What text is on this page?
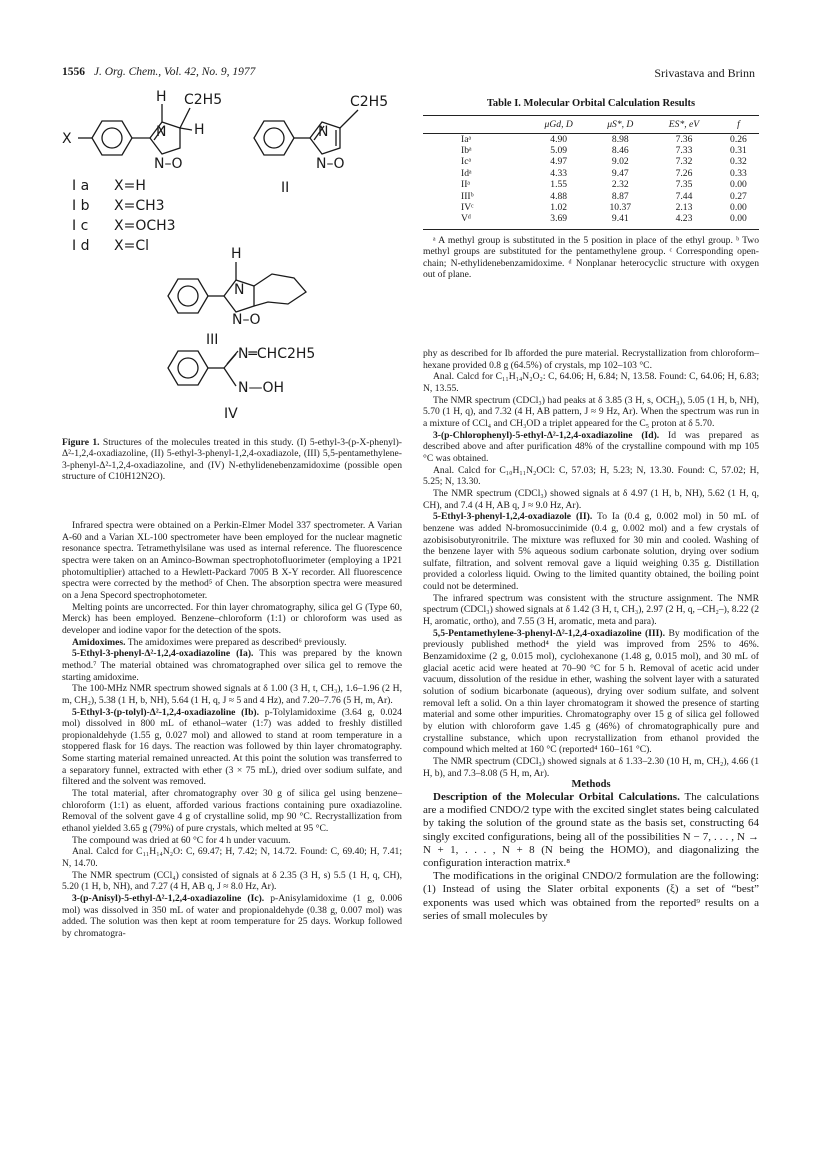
1556 J. Org. Chem., Vol. 42, No. 9, 1977	Srivastava and Brinn
H C2H5
N H
X
N–O
C2H5
N
N–O
II
I a X=H
I b X=CH3
I c X=OCH3
I d X=Cl	H
N
N–O
III
N═CHC2H5
N—OH
IV
Figure 1. Structures of the molecules treated in this study. (I) 5-ethyl-3-(p-X-phenyl)-Δ²-1,2,4-oxadiazoline, (II) 5-ethyl-3-phenyl-1,2,4-oxadiazole, (III) 5,5-pentamethylene-3-phenyl-Δ²-1,2,4-oxadiazoline, and (IV) N-ethylidenebenzamidoxime (possible open structure of C10H12N2O).
Table I. Molecular Orbital Calculation Results
	μGd, D	μS*, D	ES*, eV	f
Iaᵃ	4.90	8.98	7.36	0.26
Ibᵃ	5.09	8.46	7.33	0.31
Icᵃ	4.97	9.02	7.32	0.32
Idᵃ	4.33	9.47	7.26	0.33
IIᵃ	1.55	2.32	7.35	0.00
IIIᵇ	4.88	8.87	7.44	0.27
IVᶜ	1.02	10.37	2.13	0.00
Vᵈ	3.69	9.41	4.23	0.00
ᵃ A methyl group is substituted in the 5 position in place of the ethyl group. ᵇ Two methyl groups are substituted for the pentamethylene group. ᶜ Corresponding open-chain; N-ethylidenebenzamidoxime. ᵈ Nonplanar heterocyclic structure with oxygen out of plane.

Infrared spectra were obtained on a Perkin-Elmer Model 337 spectrometer. A Varian A-60 and a Varian XL-100 spectrometer have been employed for the nuclear magnetic resonance spectra. Tetramethylsilane was used as internal reference. The fluorescence spectra were taken on an Aminco-Bowman spectrophotofluorimeter (employing a 1P21 photomultiplier) attached to a Hewlett-Packard 7005 B X-Y recorder. All fluorescence spectra were corrected by the method⁵ of Chen. The absorption spectra were measured on a Jena Specord spectrophotometer.

Melting points are uncorrected. For thin layer chromatography, silica gel G (Type 60, Merck) has been employed. Benzene–chloroform (1:1) or chloroform was used as developer and iodine vapor for the detection of the spots.

Amidoximes. The amidoximes were prepared as described⁶ previously.

5-Ethyl-3-phenyl-Δ²-1,2,4-oxadiazoline (Ia). This was prepared by the known method.⁷ The material obtained was chromatographed over silica gel to remove the starting amidoxime.

The 100-MHz NMR spectrum showed signals at δ 1.00 (3 H, t, CH₃), 1.6–1.96 (2 H, m, CH₂), 5.38 (1 H, b, NH), 5.64 (1 H, q, J ≈ 5 and 4 Hz), and 7.20–7.76 (5 H, m, Ar).

5-Ethyl-3-(p-tolyl)-Δ²-1,2,4-oxadiazoline (Ib). p-Tolylamidoxime (3.64 g, 0.024 mol) dissolved in 800 mL of ethanol–water (1:7) was added to freshly distilled propionaldehyde (1.55 g, 0.027 mol) and allowed to stand at room temperature in a stoppered flask for 16 days. The reaction was followed by thin layer chromatography. Some starting material remained unreacted. At this point the solution was transferred to a separatory funnel, extracted with ether (3 × 75 mL), dried over sodium sulfate, and filtered and the solvent was removed.

The total material, after chromatography over 30 g of silica gel using benzene–chloroform (1:1) as eluent, afforded various fractions containing pure oxadiazoline. Removal of the solvent gave 4 g of crystalline solid, mp 90 °C. Recrystallization from ethanol yielded 3.65 g (79%) of pure crystals, which melted at 95 °C.

The compound was dried at 60 °C for 4 h under vacuum.

Anal. Calcd for C₁₁H₁₄N₂O: C, 69.47; H, 7.42; N, 14.72. Found: C, 69.40; H, 7.41; N, 14.70.

The NMR spectrum (CCl₄) consisted of signals at δ 2.35 (3 H, s) 5.5 (1 H, q, CH), 5.20 (1 H, b, NH), and 7.27 (4 H, AB q, J ≈ 8.0 Hz, Ar).

3-(p-Anisyl)-5-ethyl-Δ²-1,2,4-oxadiazoline (Ic). p-Anisylamidoxime (1 g, 0.006 mol) was dissolved in 350 mL of water and propionaldehyde (0.38 g, 0.007 mol) was added. The solution was then kept at room temperature for 25 days. Workup followed by chromatogra-

phy as described for Ib afforded the pure material. Recrystallization from chloroform–hexane provided 0.8 g (64.5%) of crystals, mp 102–103 °C.

Anal. Calcd for C₁₁H₁₄N₂O₂: C, 64.06; H, 6.84; N, 13.58. Found: C, 64.06; H, 6.83; N, 13.55.

The NMR spectrum (CDCl₃) had peaks at δ 3.85 (3 H, s, OCH₃), 5.05 (1 H, b, NH), 5.70 (1 H, q), and 7.32 (4 H, AB pattern, J ≈ 9 Hz, Ar). When the spectrum was run in a mixture of CCl₄ and CH₃OD a triplet appeared for the C₅ proton at δ 5.70.

3-(p-Chlorophenyl)-5-ethyl-Δ²-1,2,4-oxadiazoline (Id). Id was prepared as described above and after purification 48% of the crystalline compound with mp 105 °C was obtained.

Anal. Calcd for C₁₀H₁₁N₂OCl: C, 57.03; H, 5.23; N, 13.30. Found: C, 57.02; H, 5.25; N, 13.30.

The NMR spectrum (CDCl₃) showed signals at δ 4.97 (1 H, b, NH), 5.62 (1 H, q, CH), and 7.4 (4 H, AB q, J ≈ 9.0 Hz, Ar).

5-Ethyl-3-phenyl-1,2,4-oxadiazole (II). To Ia (0.4 g, 0.002 mol) in 50 mL of benzene was added N-bromosuccinimide (0.4 g, 0.002 mol) and a few crystals of azobisisobutyronitrile. The mixture was refluxed for 30 min and cooled. Washing of the benzene layer with 5% aqueous sodium carbonate solution, drying over sodium sulfate, filtration, and solvent removal gave a liquid weighing 0.35 g. Distillation provided a colorless liquid. Owing to the limited quantity obtained, the boiling point could not be determined.

The infrared spectrum was consistent with the structure assignment. The NMR spectrum (CDCl₃) showed signals at δ 1.42 (3 H, t, CH₃), 2.97 (2 H, q, –CH₂–), 8.22 (2 H, aromatic, ortho), and 7.55 (3 H, aromatic, meta and para).

5,5-Pentamethylene-3-phenyl-Δ²-1,2,4-oxadiazoline (III). By modification of the previously published method⁴ the yield was improved from 25% to 46%. Benzamidoxime (2 g, 0.015 mol), cyclohexanone (1.48 g, 0.015 mol), and 30 mL of glacial acetic acid were heated at 70–90 °C for 5 h. Removal of acetic acid under vacuum, dissolution of the residue in ether, washing the solvent layer with a saturated solution of sodium bicarbonate (aqueous), drying over sodium sulfate, and solvent removal left a solid. On a thin layer chromatogram it showed the presence of starting material and some other impurities. Chromatography over 15 g of silica gel followed by elution with chloroform gave 1.45 g (46%) of chromatographically pure and crystalline substance, which upon recrystallization from ethanol provided the compound which melted at 160 °C (reported⁴ 160–161 °C).

The NMR spectrum (CDCl₃) showed signals at δ 1.33–2.30 (10 H, m, CH₂), 4.66 (1 H, b), and 7.3–8.08 (5 H, m, Ar).

Methods

Description of the Molecular Orbital Calculations. The calculations are a modified CNDO/2 type with the excited singlet states being calculated by taking the solution of the ground state as the basis set, constructing 64 singly excited configurations, being all of the possibilities N − 7, . . . , N → N + 1, . . . , N + 8 (N being the HOMO), and diagonalizing the configuration interaction matrix.⁸

The modifications in the original CNDO/2 formulation are the following: (1) Instead of using the Slater orbital exponents (ξ) a set of “best” exponents was used which was obtained from the reported⁹ results on a series of small molecules by
